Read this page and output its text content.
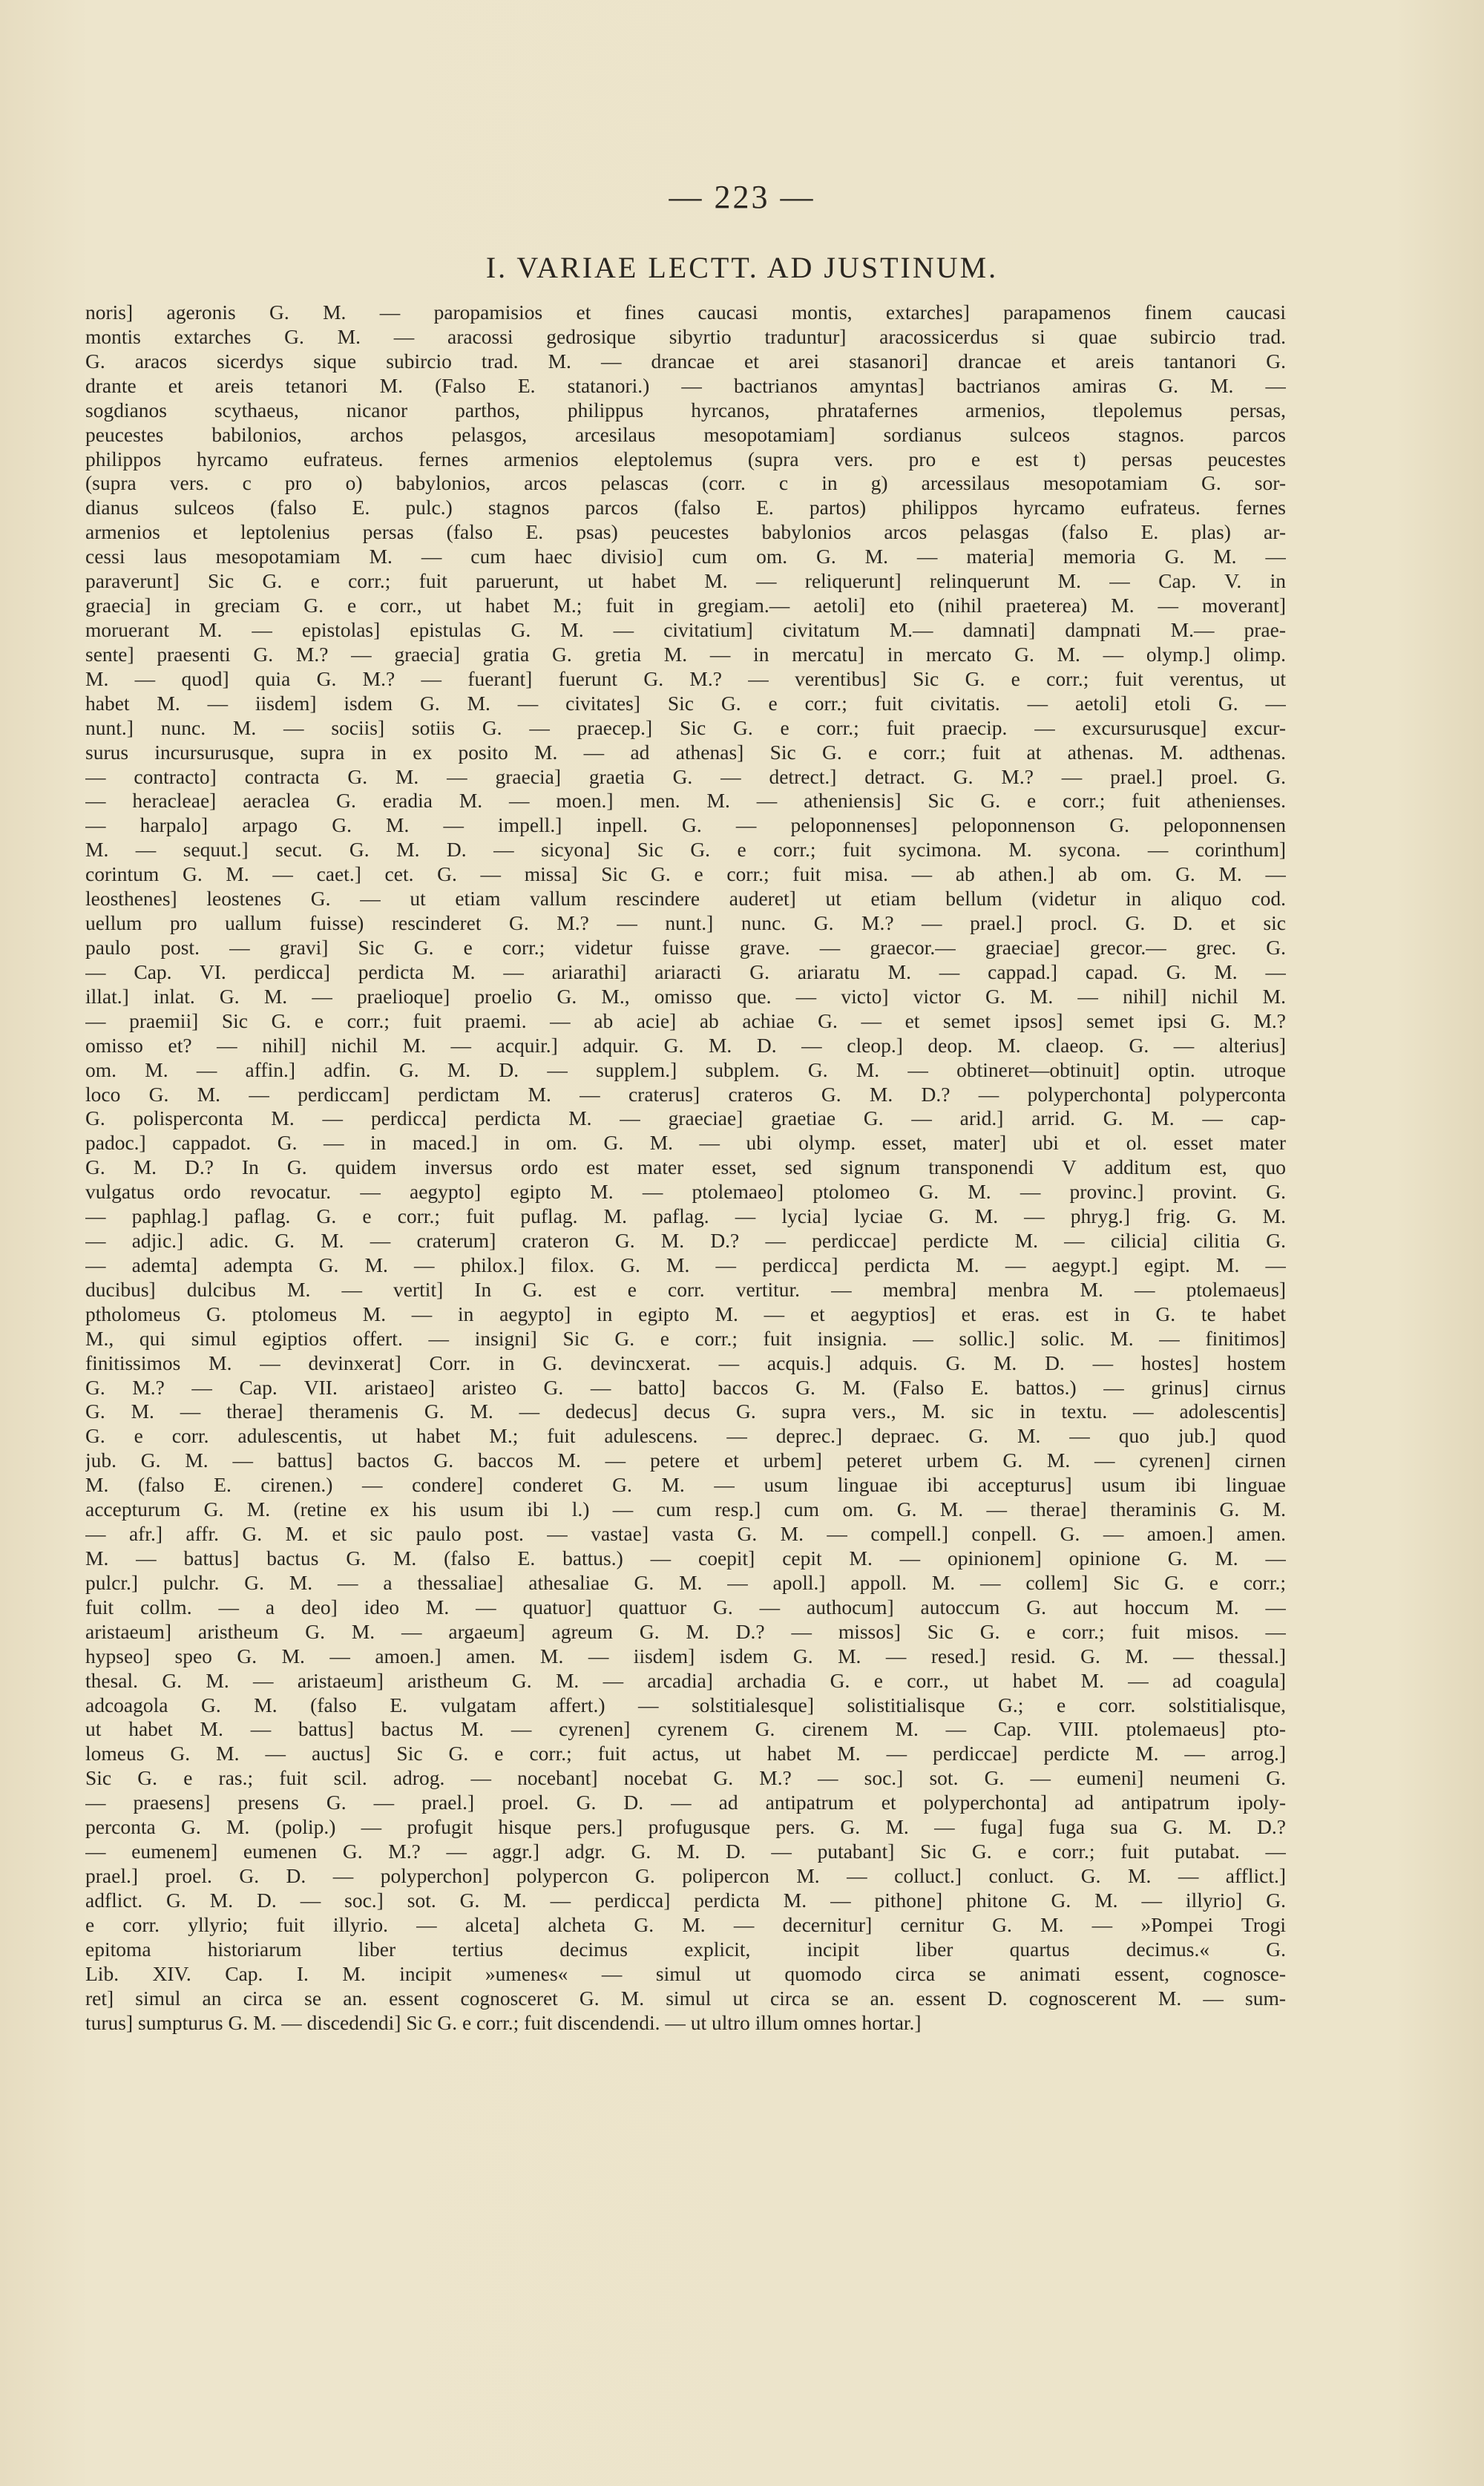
— 223 —
I. VARIAE LECTT. AD JUSTINUM.
noris] ageronis G. M. — paropamisios et fines caucasi montis, extarches] parapamenos finem caucasi
montis extarches G. M. — aracossi gedrosique sibyrtio traduntur] aracossicerdus si quae subircio trad.
G. aracos sicerdys sique subircio trad. M. — drancae et arei stasanori] drancae et areis tantanori G.
drante et areis tetanori M. (Falso E. statanori.) — bactrianos amyntas] bactrianos amiras G. M. —
sogdianos scythaeus, nicanor parthos, philippus hyrcanos, phratafernes armenios, tlepolemus persas,
peucestes babilonios, archos pelasgos, arcesilaus mesopotamiam] sordianus sulceos stagnos. parcos
philippos hyrcamo eufrateus. fernes armenios eleptolemus (supra vers. pro e est t) persas peucestes
(supra vers. c pro o) babylonios, arcos pelascas (corr. c in g) arcessilaus mesopotamiam G. sor-
dianus sulceos (falso E. pulc.) stagnos parcos (falso E. partos) philippos hyrcamo eufrateus. fernes
armenios et leptolenius persas (falso E. psas) peucestes babylonios arcos pelasgas (falso E. plas) ar-
cessi laus mesopotamiam M. — cum haec divisio] cum om. G. M. — materia] memoria G. M. —
paraverunt] Sic G. e corr.; fuit paruerunt, ut habet M. — reliquerunt] relinquerunt M. — Cap. V. in
graecia] in greciam G. e corr., ut habet M.; fuit in gregiam.— aetoli] eto (nihil praeterea) M. — moverant]
moruerant M. — epistolas] epistulas G. M. — civitatium] civitatum M.— damnati] dampnati M.— prae-
sente] praesenti G. M.? — graecia] gratia G. gretia M. — in mercatu] in mercato G. M. — olymp.] olimp.
M. — quod] quia G. M.? — fuerant] fuerunt G. M.? — verentibus] Sic G. e corr.; fuit verentus, ut
habet M. — iisdem] isdem G. M. — civitates] Sic G. e corr.; fuit civitatis. — aetoli] etoli G. —
nunt.] nunc. M. — sociis] sotiis G. — praecep.] Sic G. e corr.; fuit praecip. — excursurusque] excur-
surus incursurusque, supra in ex posito M. — ad athenas] Sic G. e corr.; fuit at athenas. M. adthenas.
— contracto] contracta G. M. — graecia] graetia G. — detrect.] detract. G. M.? — prael.] proel. G.
— heracleae] aeraclea G. eradia M. — moen.] men. M. — atheniensis] Sic G. e corr.; fuit athenienses.
— harpalo] arpago G. M. — impell.] inpell. G. — peloponnenses] peloponnenson G. peloponnensen
M. — sequut.] secut. G. M. D. — sicyona] Sic G. e corr.; fuit sycimona. M. sycona. — corinthum]
corintum G. M. — caet.] cet. G. — missa] Sic G. e corr.; fuit misa. — ab athen.] ab om. G. M. —
leosthenes] leostenes G. — ut etiam vallum rescindere auderet] ut etiam bellum (videtur in aliquo cod.
uellum pro uallum fuisse) rescinderet G. M.? — nunt.] nunc. G. M.? — prael.] procl. G. D. et sic
paulo post. — gravi] Sic G. e corr.; videtur fuisse grave. — graecor.— graeciae] grecor.— grec. G.
— Cap. VI. perdicca] perdicta M. — ariarathi] ariaracti G. ariaratu M. — cappad.] capad. G. M. —
illat.] inlat. G. M. — praelioque] proelio G. M., omisso que. — victo] victor G. M. — nihil] nichil M.
— praemii] Sic G. e corr.; fuit praemi. — ab acie] ab achiae G. — et semet ipsos] semet ipsi G. M.?
omisso et? — nihil] nichil M. — acquir.] adquir. G. M. D. — cleop.] deop. M. claeop. G. — alterius]
om. M. — affin.] adfin. G. M. D. — supplem.] subplem. G. M. — obtineret—obtinuit] optin. utroque
loco G. M. — perdiccam] perdictam M. — craterus] crateros G. M. D.? — polyperchonta] polyperconta
G. polisperconta M. — perdicca] perdicta M. — graeciae] graetiae G. — arid.] arrid. G. M. — cap-
padoc.] cappadot. G. — in maced.] in om. G. M. — ubi olymp. esset, mater] ubi et ol. esset mater
G. M. D.? In G. quidem inversus ordo est mater esset, sed signum transponendi V additum est, quo
vulgatus ordo revocatur. — aegypto] egipto M. — ptolemaeo] ptolomeo G. M. — provinc.] provint. G.
— paphlag.] paflag. G. e corr.; fuit puflag. M. paflag. — lycia] lyciae G. M. — phryg.] frig. G. M.
— adjic.] adic. G. M. — craterum] crateron G. M. D.? — perdiccae] perdicte M. — cilicia] cilitia G.
— ademta] adempta G. M. — philox.] filox. G. M. — perdicca] perdicta M. — aegypt.] egipt. M. —
ducibus] dulcibus M. — vertit] In G. est e corr. vertitur. — membra] menbra M. — ptolemaeus]
ptholomeus G. ptolomeus M. — in aegypto] in egipto M. — et aegyptios] et eras. est in G. te habet
M., qui simul egiptios offert. — insigni] Sic G. e corr.; fuit insignia. — sollic.] solic. M. — finitimos]
finitissimos M. — devinxerat] Corr. in G. devincxerat. — acquis.] adquis. G. M. D. — hostes] hostem
G. M.? — Cap. VII. aristaeo] aristeo G. — batto] baccos G. M. (Falso E. battos.) — grinus] cirnus
G. M. — therae] theramenis G. M. — dedecus] decus G. supra vers., M. sic in textu. — adolescentis]
G. e corr. adulescentis, ut habet M.; fuit adulescens. — deprec.] depraec. G. M. — quo jub.] quod
jub. G. M. — battus] bactos G. baccos M. — petere et urbem] peteret urbem G. M. — cyrenen] cirnen
M. (falso E. cirenen.) — condere] conderet G. M. — usum linguae ibi accepturus] usum ibi linguae
accepturum G. M. (retine ex his usum ibi l.) — cum resp.] cum om. G. M. — therae] theraminis G. M.
— afr.] affr. G. M. et sic paulo post. — vastae] vasta G. M. — compell.] conpell. G. — amoen.] amen.
M. — battus] bactus G. M. (falso E. battus.) — coepit] cepit M. — opinionem] opinione G. M. —
pulcr.] pulchr. G. M. — a thessaliae] athesaliae G. M. — apoll.] appoll. M. — collem] Sic G. e corr.;
fuit collm. — a deo] ideo M. — quatuor] quattuor G. — authocum] autoccum G. aut hoccum M. —
aristaeum] aristheum G. M. — argaeum] agreum G. M. D.? — missos] Sic G. e corr.; fuit misos. —
hypseo] speo G. M. — amoen.] amen. M. — iisdem] isdem G. M. — resed.] resid. G. M. — thessal.]
thesal. G. M. — aristaeum] aristheum G. M. — arcadia] archadia G. e corr., ut habet M. — ad coagula]
adcoagola G. M. (falso E. vulgatam affert.) — solstitialesque] solistitialisque G.; e corr. solstitialisque,
ut habet M. — battus] bactus M. — cyrenen] cyrenem G. cirenem M. — Cap. VIII. ptolemaeus] pto-
lomeus G. M. — auctus] Sic G. e corr.; fuit actus, ut habet M. — perdiccae] perdicte M. — arrog.]
Sic G. e ras.; fuit scil. adrog. — nocebant] nocebat G. M.? — soc.] sot. G. — eumeni] neumeni G.
— praesens] presens G. — prael.] proel. G. D. — ad antipatrum et polyperchonta] ad antipatrum ipoly-
perconta G. M. (polip.) — profugit hisque pers.] profugusque pers. G. M. — fuga] fuga sua G. M. D.?
— eumenem] eumenen G. M.? — aggr.] adgr. G. M. D. — putabant] Sic G. e corr.; fuit putabat. —
prael.] proel. G. D. — polyperchon] polypercon G. polipercon M. — colluct.] conluct. G. M. — afflict.]
adflict. G. M. D. — soc.] sot. G. M. — perdicca] perdicta M. — pithone] phitone G. M. — illyrio] G.
e corr. yllyrio; fuit illyrio. — alceta] alcheta G. M. — decernitur] cernitur G. M. — »Pompei Trogi
epitoma historiarum liber tertius decimus explicit, incipit liber quartus decimus.« G.
Lib. XIV. Cap. I. M. incipit »umenes« — simul ut quomodo circa se animati essent, cognosce-
ret] simul an circa se an. essent cognosceret G. M. simul ut circa se an. essent D. cognoscerent M. — sum-
turus] sumpturus G. M. — discedendi] Sic G. e corr.; fuit discendendi. — ut ultro illum omnes hortar.]
